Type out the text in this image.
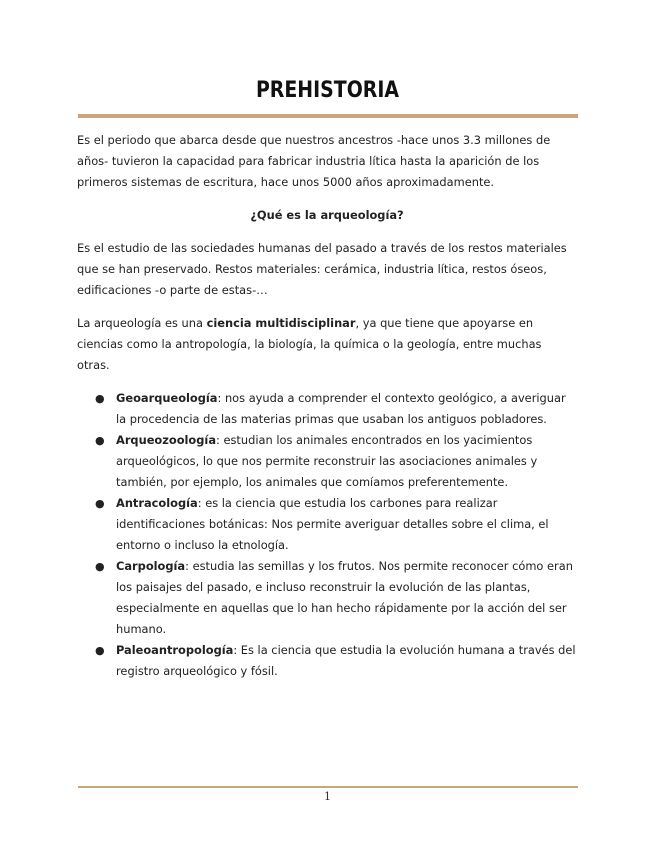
PREHISTORIA

Es el periodo que abarca desde que nuestros ancestros -hace unos 3.3 millones de años- tuvieron la capacidad para fabricar industria lítica hasta la aparición de los primeros sistemas de escritura, hace unos 5000 años aproximadamente.

¿Qué es la arqueología?

Es el estudio de las sociedades humanas del pasado a través de los restos materiales que se han preservado. Restos materiales: cerámica, industria lítica, restos óseos, edificaciones -o parte de estas-…

La arqueología es una ciencia multidisciplinar, ya que tiene que apoyarse en ciencias como la antropología, la biología, la química o la geología, entre muchas otras.

● Geoarqueología: nos ayuda a comprender el contexto geológico, a averiguar la procedencia de las materias primas que usaban los antiguos pobladores.
● Arqueozoología: estudian los animales encontrados en los yacimientos arqueológicos, lo que nos permite reconstruir las asociaciones animales y también, por ejemplo, los animales que comíamos preferentemente.
● Antracología: es la ciencia que estudia los carbones para realizar identificaciones botánicas: Nos permite averiguar detalles sobre el clima, el entorno o incluso la etnología.
● Carpología: estudia las semillas y los frutos. Nos permite reconocer cómo eran los paisajes del pasado, e incluso reconstruir la evolución de las plantas, especialmente en aquellas que lo han hecho rápidamente por la acción del ser humano.
● Paleoantropología: Es la ciencia que estudia la evolución humana a través del registro arqueológico y fósil.
1
